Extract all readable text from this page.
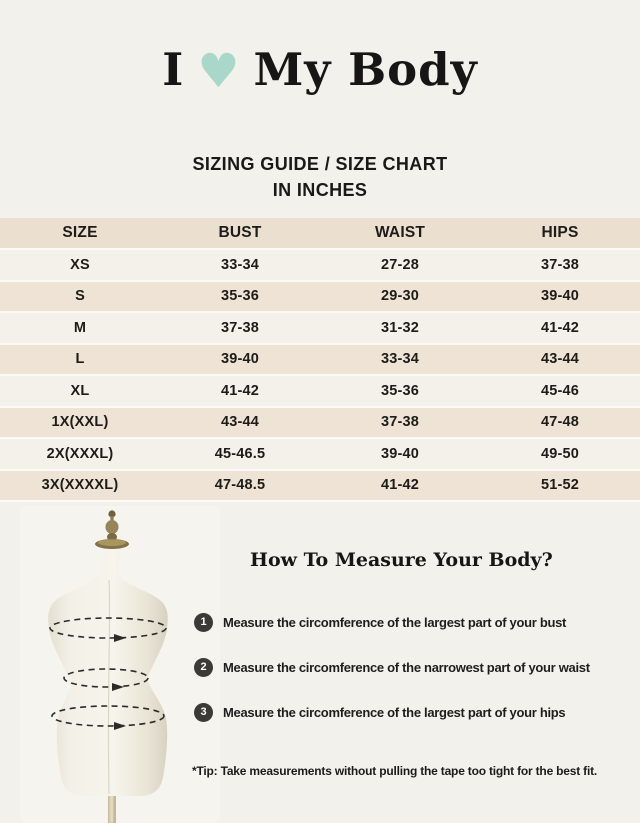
I ♥ My Body
SIZING GUIDE / SIZE CHART
IN INCHES
SIZE	BUST	WAIST	HIPS
XS	33-34	27-28	37-38
S	35-36	29-30	39-40
M	37-38	31-32	41-42
L	39-40	33-34	43-44
XL	41-42	35-36	45-46
1X(XXL)	43-44	37-38	47-48
2X(XXXL)	45-46.5	39-40	49-50
3X(XXXXL)	47-48.5	41-42	51-52
How To Measure Your Body?
1	Measure the circomference of the largest part of your bust
2	Measure the circomference of the narrowest part of your waist
3	Measure the circomference of the largest part of your hips
*Tip: Take measurements without pulling the tape too tight for the best fit.
